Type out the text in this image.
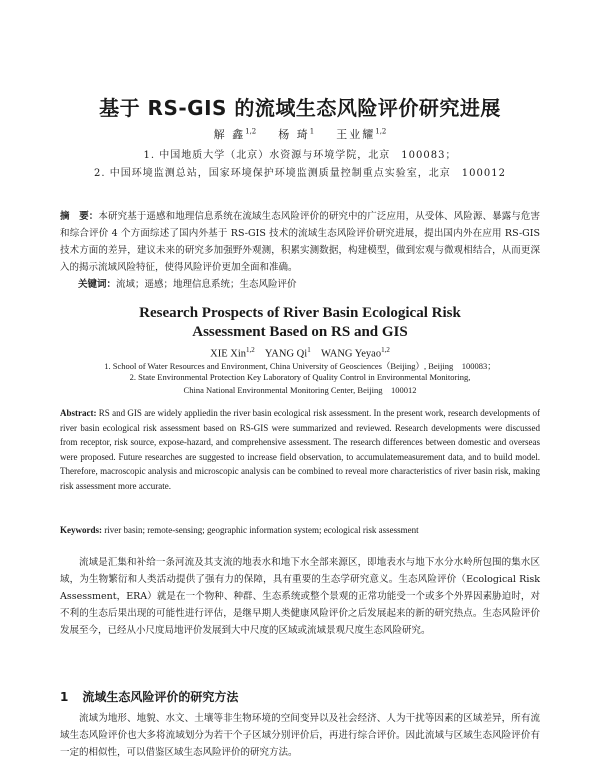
基于 RS-GIS 的流域生态风险评价研究进展
解 鑫$^{1,2}$ 杨 琦$^1$ 王业耀$^{1,2}$
1. 中国地质大学（北京）水资源与环境学院，北京　100083；
2. 中国环境监测总站，国家环境保护环境监测质量控制重点实验室，北京　100012
摘　要：本研究基于遥感和地理信息系统在流域生态风险评价的研究中的广泛应用，从受体、风险源、暴露与危害和综合评价 4 个方面综述了国内外基于 RS-GIS 技术的流域生态风险评价研究进展，提出国内外在应用 RS-GIS 技术方面的差异，建议未来的研究多加强野外观测，积累实测数据，构建模型，做到宏观与微观相结合，从而更深入的揭示流域风险特征，使得风险评价更加全面和准确。
关键词：流域；遥感；地理信息系统；生态风险评价
Research Prospects of River Basin Ecological Risk
Assessment Based on RS and GIS
XIE Xin$^{1,2}$ YANG Qi$^1$ WANG Yeyao$^{1,2}$
1. School of Water Resources and Environment, China University of Geosciences（Beijing）, Beijing　100083；
2. State Environmental Protection Key Laboratory of Quality Control in Environmental Monitoring,
China National Environmental Monitoring Center, Beijing　100012
Abstract: RS and GIS are widely appliedin the river basin ecological risk assessment. In the present work, research developments of river basin ecological risk assessment based on RS-GIS were summarized and reviewed. Research developments were discussed from receptor, risk source, expose-hazard, and comprehensive assessment. The research differences between domestic and overseas were proposed. Future researches are suggested to increase field observation, to accumulatemeasurement data, and to build model. Therefore, macroscopic analysis and microscopic analysis can be combined to reveal more characteristics of river basin risk, making risk assessment more accurate.
Keywords: river basin; remote-sensing; geographic information system; ecological risk assessment
流域是汇集和补给一条河流及其支流的地表水和地下水全部来源区，即地表水与地下水分水岭所包围的集水区域，为生物繁衍和人类活动提供了强有力的保障，具有重要的生态学研究意义。生态风险评价（Ecological Risk Assessment，ERA）就是在一个物种、种群、生态系统或整个景观的正常功能受一个或多个外界因素胁迫时，对不利的生态后果出现的可能性进行评估，是继早期人类健康风险评价之后发展起来的新的研究热点。生态风险评价发展至今，已经从小尺度局地评价发展到大中尺度的区域或流域景观尺度生态风险研究。
1 流域生态风险评价的研究方法
流域为地形、地貌、水文、土壤等非生物环境的空间变异以及社会经济、人为干扰等因素的区域差异，所有流域生态风险评价也大多将流域划分为若干个子区域分别评价后，再进行综合评价。因此流域与区域生态风险评价有一定的相似性，可以借鉴区域生态风险评价的研究方法。
